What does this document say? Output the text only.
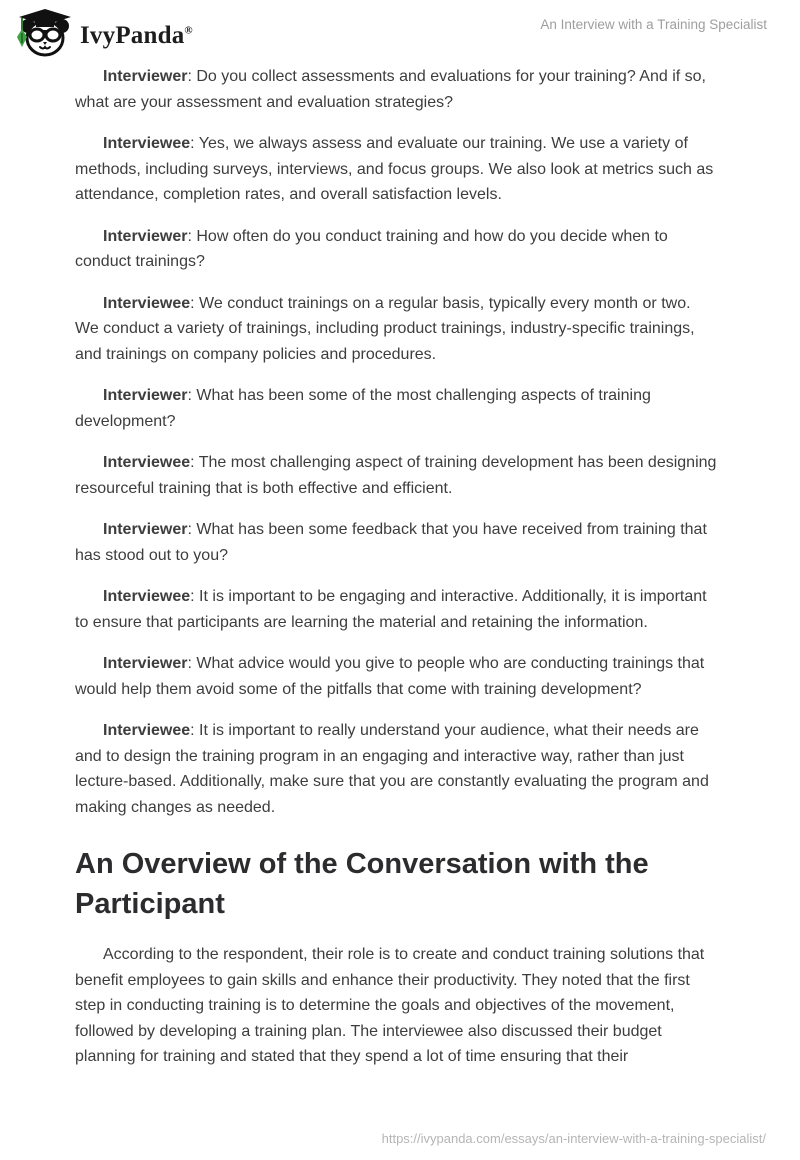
IvyPanda®	An Interview with a Training Specialist

Interviewer: Do you collect assessments and evaluations for your training? And if so, what are your assessment and evaluation strategies?

Interviewee: Yes, we always assess and evaluate our training. We use a variety of methods, including surveys, interviews, and focus groups. We also look at metrics such as attendance, completion rates, and overall satisfaction levels.

Interviewer: How often do you conduct training and how do you decide when to conduct trainings?

Interviewee: We conduct trainings on a regular basis, typically every month or two. We conduct a variety of trainings, including product trainings, industry-specific trainings, and trainings on company policies and procedures.

Interviewer: What has been some of the most challenging aspects of training development?

Interviewee: The most challenging aspect of training development has been designing resourceful training that is both effective and efficient.

Interviewer: What has been some feedback that you have received from training that has stood out to you?

Interviewee: It is important to be engaging and interactive. Additionally, it is important to ensure that participants are learning the material and retaining the information.

Interviewer: What advice would you give to people who are conducting trainings that would help them avoid some of the pitfalls that come with training development?

Interviewee: It is important to really understand your audience, what their needs are and to design the training program in an engaging and interactive way, rather than just lecture-based. Additionally, make sure that you are constantly evaluating the program and making changes as needed.

An Overview of the Conversation with the Participant

According to the respondent, their role is to create and conduct training solutions that benefit employees to gain skills and enhance their productivity. They noted that the first step in conducting training is to determine the goals and objectives of the movement, followed by developing a training plan. The interviewee also discussed their budget planning for training and stated that they spend a lot of time ensuring that their

https://ivypanda.com/essays/an-interview-with-a-training-specialist/
